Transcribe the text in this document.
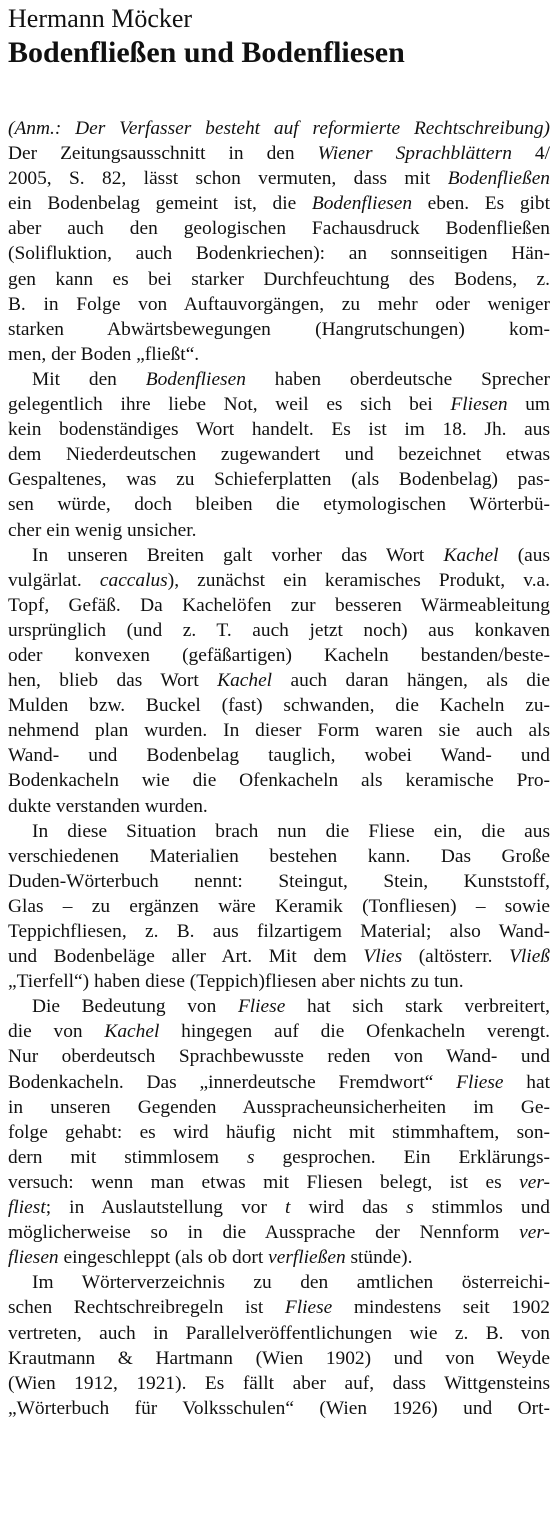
Hermann Möcker
Bodenfließen und Bodenfliesen
(Anm.: Der Verfasser besteht auf reformierte Rechtschreibung)
Der Zeitungsausschnitt in den Wiener Sprachblättern 4/
2005, S. 82, lässt schon vermuten, dass mit Bodenfließen
ein Bodenbelag gemeint ist, die Bodenfliesen eben. Es gibt
aber auch den geologischen Fachausdruck Bodenfließen
(Solifluktion, auch Bodenkriechen): an sonnseitigen Hän-
gen kann es bei starker Durchfeuchtung des Bodens, z.
B. in Folge von Auftauvorgängen, zu mehr oder weniger
starken Abwärtsbewegungen (Hangrutschungen) kom-
men, der Boden „fließt“.
Mit den Bodenfliesen haben oberdeutsche Sprecher
gelegentlich ihre liebe Not, weil es sich bei Fliesen um
kein bodenständiges Wort handelt. Es ist im 18. Jh. aus
dem Niederdeutschen zugewandert und bezeichnet etwas
Gespaltenes, was zu Schieferplatten (als Bodenbelag) pas-
sen würde, doch bleiben die etymologischen Wörterbü-
cher ein wenig unsicher.
In unseren Breiten galt vorher das Wort Kachel (aus
vulgärlat. caccalus), zunächst ein keramisches Produkt, v.a.
Topf, Gefäß. Da Kachelöfen zur besseren Wärmeableitung
ursprünglich (und z. T. auch jetzt noch) aus konkaven
oder konvexen (gefäßartigen) Kacheln bestanden/beste-
hen, blieb das Wort Kachel auch daran hängen, als die
Mulden bzw. Buckel (fast) schwanden, die Kacheln zu-
nehmend plan wurden. In dieser Form waren sie auch als
Wand- und Bodenbelag tauglich, wobei Wand- und
Bodenkacheln wie die Ofenkacheln als keramische Pro-
dukte verstanden wurden.
In diese Situation brach nun die Fliese ein, die aus
verschiedenen Materialien bestehen kann. Das Große
Duden-Wörterbuch nennt: Steingut, Stein, Kunststoff,
Glas – zu ergänzen wäre Keramik (Tonfliesen) – sowie
Teppichfliesen, z. B. aus filzartigem Material; also Wand-
und Bodenbeläge aller Art. Mit dem Vlies (altösterr. Vließ
„Tierfell“) haben diese (Teppich)fliesen aber nichts zu tun.
Die Bedeutung von Fliese hat sich stark verbreitert,
die von Kachel hingegen auf die Ofenkacheln verengt.
Nur oberdeutsch Sprachbewusste reden von Wand- und
Bodenkacheln. Das „innerdeutsche Fremdwort“ Fliese hat
in unseren Gegenden Aussprachеunsicherheiten im Ge-
folge gehabt: es wird häufig nicht mit stimmhaftem, son-
dern mit stimmlosem s gesprochen. Ein Erklärungs-
versuch: wenn man etwas mit Fliesen belegt, ist es ver-
fliest; in Auslautstellung vor t wird das s stimmlos und
möglicherweise so in die Aussprache der Nennform ver-
fliesen eingeschleppt (als ob dort verfließen stünde).
Im Wörterverzeichnis zu den amtlichen österreichi-
schen Rechtschreibregeln ist Fliese mindestens seit 1902
vertreten, auch in Parallelveröffentlichungen wie z. B. von
Krautmann & Hartmann (Wien 1902) und von Weyde
(Wien 1912, 1921). Es fällt aber auf, dass Wittgensteins
„Wörterbuch für Volksschulen“ (Wien 1926) und Ort-
